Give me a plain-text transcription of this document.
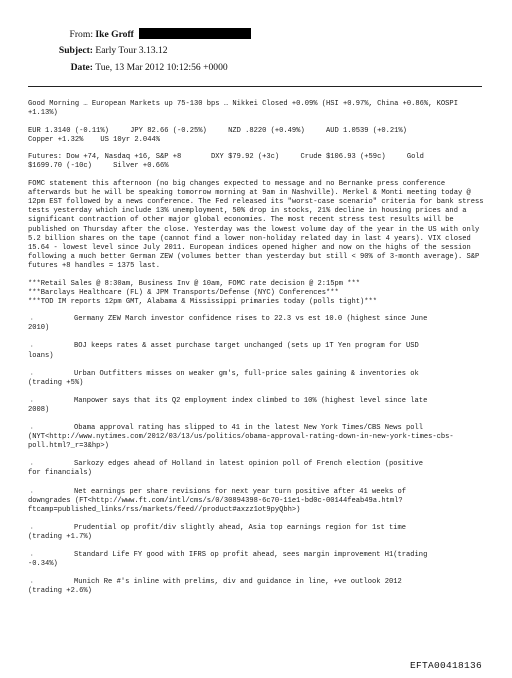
From: Ike Groff
Subject: Early Tour 3.13.12
Date: Tue, 13 Mar 2012 10:12:56 +0000

Good Morning … European Markets up 75-130 bps … Nikkei Closed +0.09% (HSI +0.97%, China +0.86%, KOSPI +1.13%)

EUR 1.3140 (-0.11%)     JPY 82.66 (-0.25%)     NZD .8220 (+0.49%)     AUD 1.0539 (+0.21%)
Copper +1.32%    US 10yr 2.044%
Futures: Dow +74, Nasdaq +16, S&P +8       DXY $79.92 (+3c)     Crude $106.93 (+59c)     Gold
$1699.70 (-10c)     Silver +0.66%

FOMC statement this afternoon (no big changes expected to message and no Bernanke press conference afterwards but he will be speaking tomorrow morning at 9am in Nashville). Merkel & Monti meeting today @ 12pm EST followed by a news conference. The Fed released its "worst-case scenario" criteria for bank stress tests yesterday which include 13% unemployment, 50% drop in stocks, 21% decline in housing prices and a significant contraction of other major global economies. The most recent stress test results will be published on Thursday after the close. Yesterday was the lowest volume day of the year in the US with only 5.2 billion shares on the tape (cannot find a lower non-holiday related day in last 4 years). VIX closed 15.64 - lowest level since July 2011. European indices opened higher and now on the highs of the session following a much better German ZEW (volumes better than yesterday but still < 90% of 3-month average). S&P futures +8 handles = 1375 last.

***Retail Sales @ 8:30am, Business Inv @ 10am, FOMC rate decision @ 2:15pm ***
***Barclays Healthcare (FL) & JPM Transports/Defense (NYC) Conferences***
***TOD IM reports 12pm GMT, Alabama & Mississippi primaries today (polls tight)***
·	Germany ZEW March investor confidence rises to 22.3 vs est 10.0 (highest since June
2010)
·	BOJ keeps rates & asset purchase target unchanged (sets up 1T Yen program for USD
loans)
·	Urban Outfitters misses on weaker gm's, full-price sales gaining & inventories ok
(trading +5%)
·	Manpower says that its Q2 employment index climbed to 10% (highest level since late
2008)
·	Obama approval rating has slipped to 41 in the latest New York Times/CBS News poll
(NYT<http://www.nytimes.com/2012/03/13/us/politics/obama-approval-rating-down-in-new-york-times-cbs-poll.html?_r=3&hp>)
·	Sarkozy edges ahead of Holland in latest opinion poll of French election (positive
for financials)
·	Net earnings per share revisions for next year turn positive after 41 weeks of
downgrades (FT<http://www.ft.com/intl/cms/s/0/30894398-6c70-11e1-bd0c-00144feab49a.html?ftcamp=published_links/rss/markets/feed//product#axzz1ot9pyQbh>)
·	Prudential op profit/div slightly ahead, Asia top earnings region for 1st time
(trading +1.7%)
·	Standard Life FY good with IFRS op profit ahead, sees margin improvement H1(trading
-0.34%)
·	Munich Re #'s inline with prelims, div and guidance in line, +ve outlook 2012
(trading +2.6%)
EFTA00418136
